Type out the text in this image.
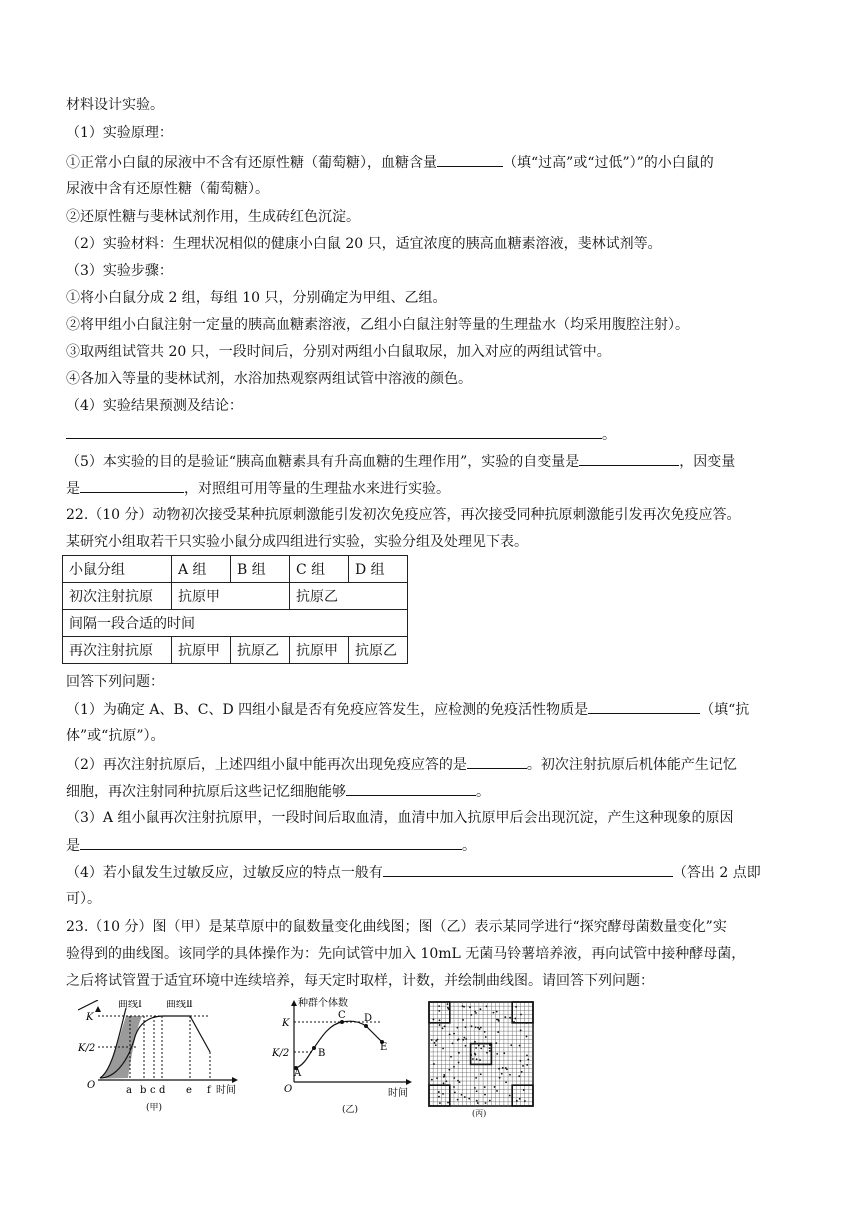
材料设计实验。
（1）实验原理：
①正常小白鼠的尿液中不含有还原性糖（葡萄糖），血糖含量	（填“过高”或“过低”）”的小白鼠的
尿液中含有还原性糖（葡萄糖）。
②还原性糖与斐林试剂作用，生成砖红色沉淀。
（2）实验材料：生理状况相似的健康小白鼠 20 只，适宜浓度的胰高血糖素溶液，斐林试剂等。
（3）实验步骤：
①将小白鼠分成 2 组，每组 10 只，分别确定为甲组、乙组。
②将甲组小白鼠注射一定量的胰高血糖素溶液，乙组小白鼠注射等量的生理盐水（均采用腹腔注射）。
③取两组试管共 20 只，一段时间后，分别对两组小白鼠取尿，加入对应的两组试管中。
④各加入等量的斐林试剂，水浴加热观察两组试管中溶液的颜色。
（4）实验结果预测及结论：
。
（5）本实验的目的是验证“胰高血糖素具有升高血糖的生理作用”，实验的自变量是	，因变量
是	，对照组可用等量的生理盐水来进行实验。
22.（10 分）动物初次接受某种抗原刺激能引发初次免疫应答，再次接受同种抗原刺激能引发再次免疫应答。
某研究小组取若干只实验小鼠分成四组进行实验，实验分组及处理见下表。
小鼠分组	A 组	B 组	C 组	D 组
初次注射抗原	抗原甲		抗原乙	
间隔一段合适的时间				
再次注射抗原	抗原甲	抗原乙	抗原甲	抗原乙
回答下列问题：
（1）为确定 A、B、C、D 四组小鼠是否有免疫应答发生，应检测的免疫活性物质是	（填“抗
体”或“抗原”）。
（2）再次注射抗原后，上述四组小鼠中能再次出现免疫应答的是	。初次注射抗原后机体能产生记忆
细胞，再次注射同种抗原后这些记忆细胞能够	。
（3）A 组小鼠再次注射抗原甲，一段时间后取血清，血清中加入抗原甲后会出现沉淀，产生这种现象的原因
是	。
（4）若小鼠发生过敏反应，过敏反应的特点一般有	（答出 2 点即
可）。
23.（10 分）图（甲）是某草原中的鼠数量变化曲线图；图（乙）表示某同学进行“探究酵母菌数量变化”实
验得到的曲线图。该同学的具体操作为：先向试管中加入 10mL 无菌马铃薯培养液，再向试管中接种酵母菌，
之后将试管置于适宜环境中连续培养，每天定时取样，计数，并绘制曲线图。请回答下列问题：
曲线Ⅰ 曲线Ⅱ
K
K/2
O	a b c d e f 时间
(甲)
种群个体数
K
K/2
O
A
B
C D
E
时间
(乙)	(丙)
